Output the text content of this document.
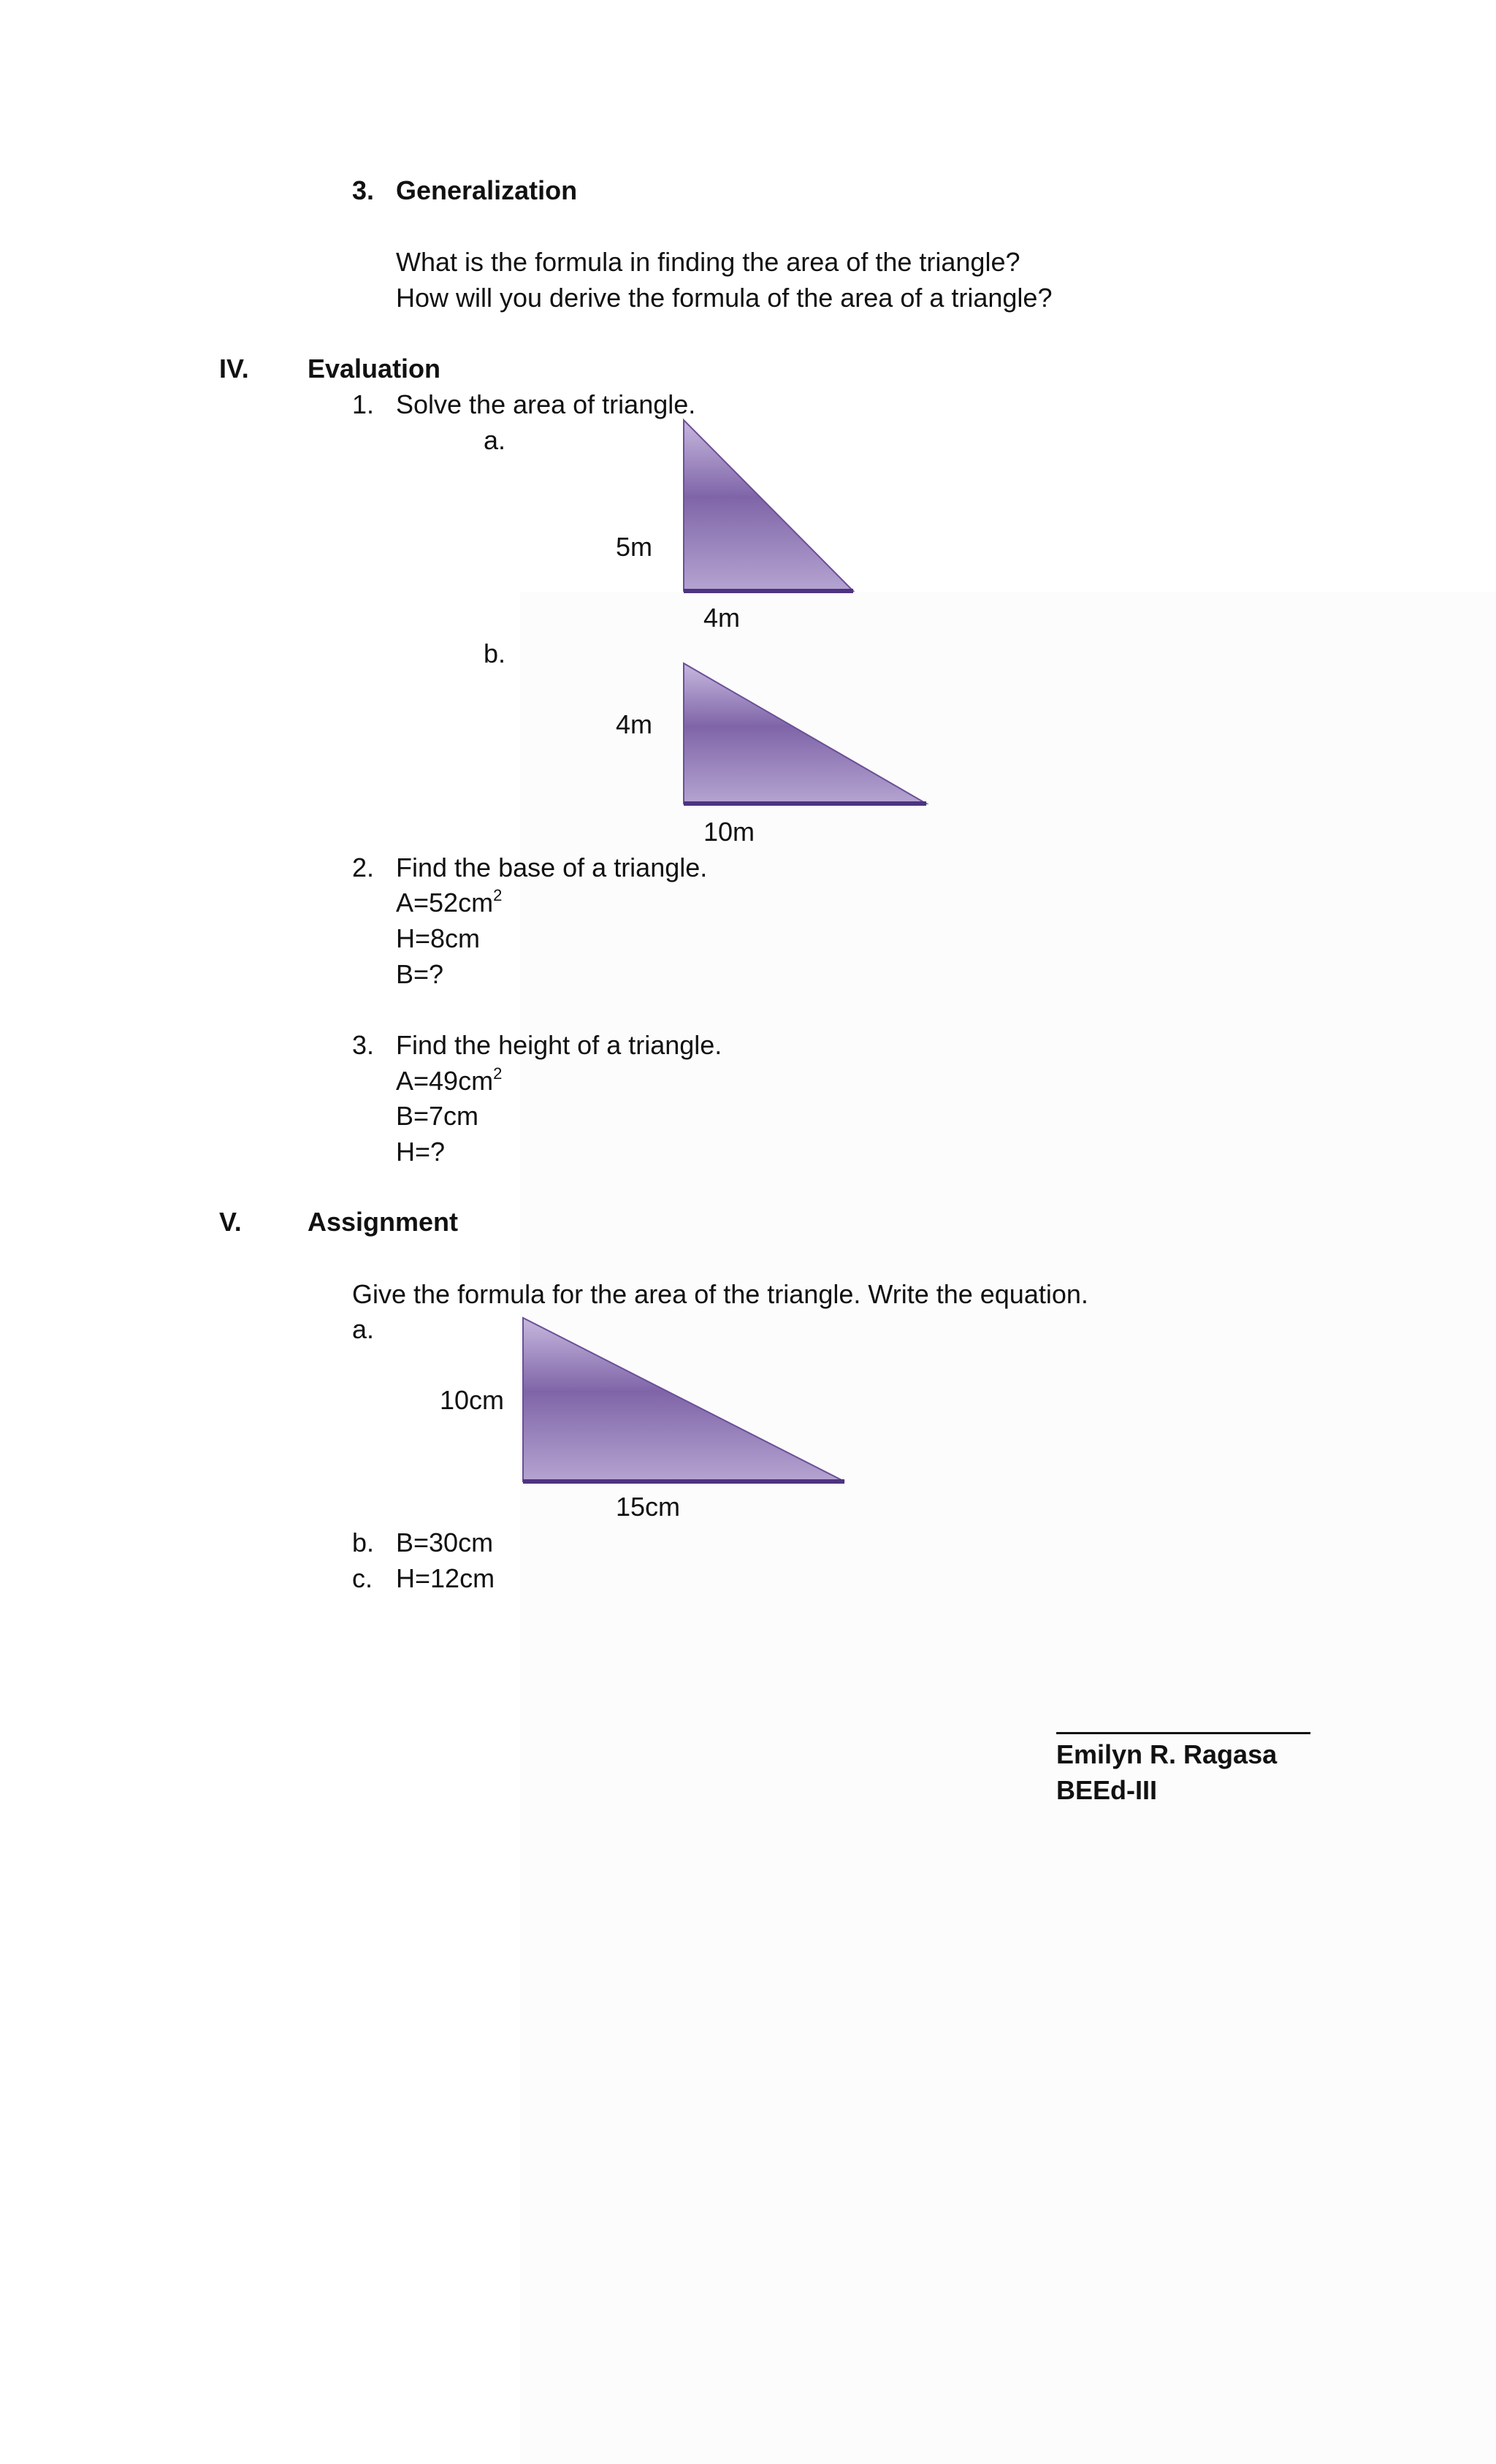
3. Generalization
What is the formula in finding the area of the triangle?
How will you derive the formula of the area of a triangle?
IV. Evaluation
1. Solve the area of triangle.
a.
5m
4m
b.
4m
10m
2. Find the base of a triangle.
$A=52cm^2$
H=8cm
B=?
3. Find the height of a triangle.
$A=49cm^2$
B=7cm
H=?
V.	Assignment
Give the formula for the area of the triangle. Write the equation.
a.
10cm
15cm
b. B=30cm
c. H=12cm
Emilyn R. Ragasa
BEEd-III
